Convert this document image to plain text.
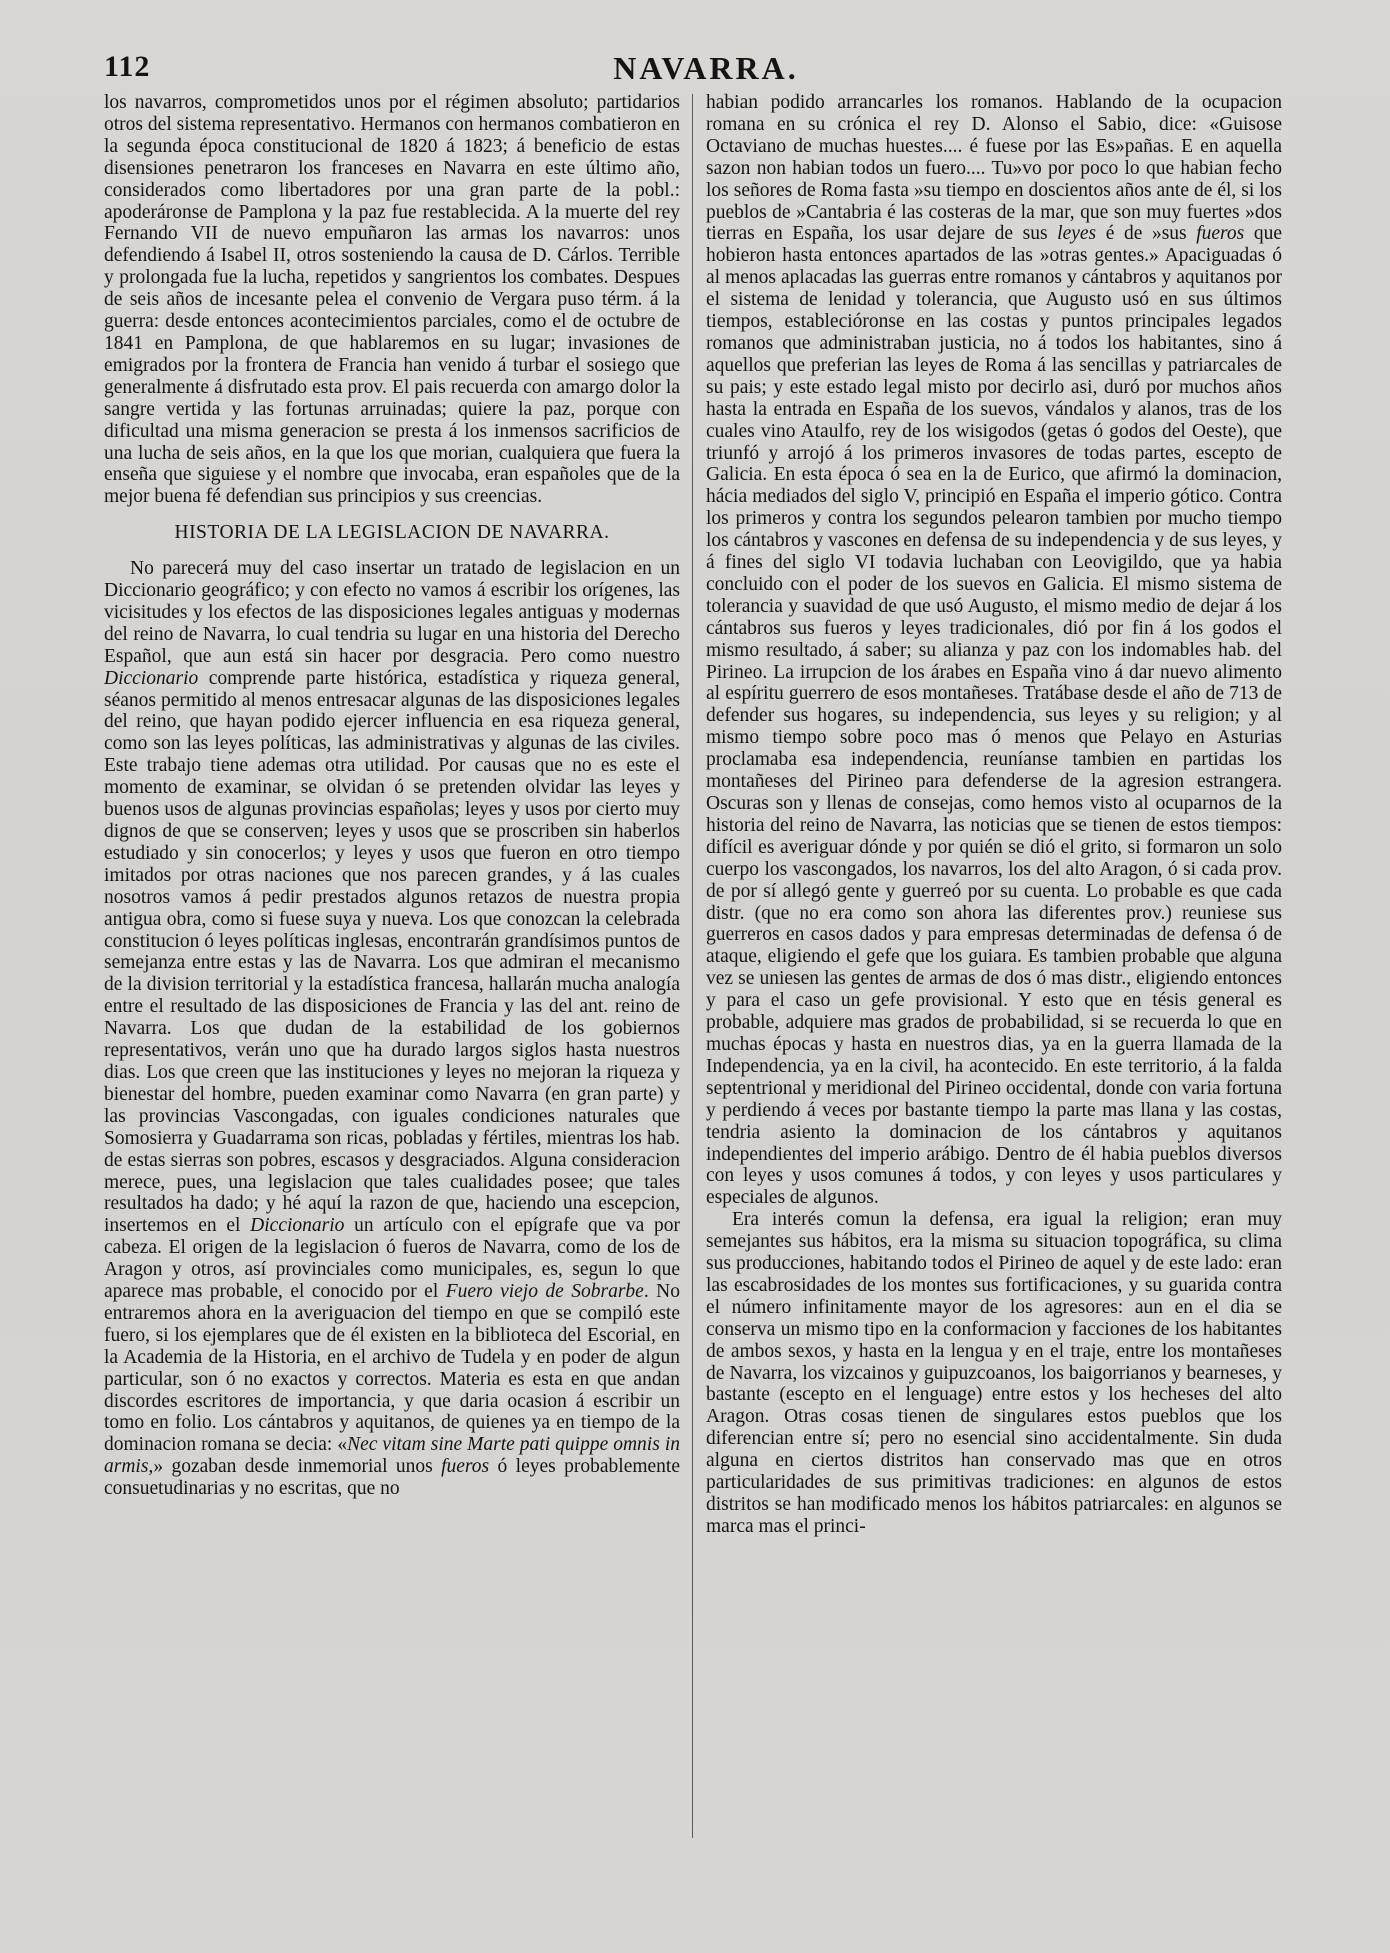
112	NAVARRA.

los navarros, comprometidos unos por el régimen absoluto; partidarios otros del sistema representativo. Hermanos con hermanos combatieron en la segunda época constitucional de 1820 á 1823; á beneficio de estas disensiones penetraron los franceses en Navarra en este último año, considerados como libertadores por una gran parte de la pobl.: apoderáronse de Pamplona y la paz fue restablecida. A la muerte del rey Fernando VII de nuevo empuñaron las armas los navarros: unos defendiendo á Isabel II, otros sosteniendo la causa de D. Cárlos. Terrible y prolongada fue la lucha, repetidos y sangrientos los combates. Despues de seis años de incesante pelea el convenio de Vergara puso térm. á la guerra: desde entonces acontecimientos parciales, como el de octubre de 1841 en Pamplona, de que hablaremos en su lugar; invasiones de emigrados por la frontera de Francia han venido á turbar el sosiego que generalmente á disfrutado esta prov. El pais recuerda con amargo dolor la sangre vertida y las fortunas arruinadas; quiere la paz, porque con dificultad una misma generacion se presta á los inmensos sacrificios de una lucha de seis años, en la que los que morian, cualquiera que fuera la enseña que siguiese y el nombre que invocaba, eran españoles que de la mejor buena fé defendian sus principios y sus creencias.

HISTORIA DE LA LEGISLACION DE NAVARRA.

No parecerá muy del caso insertar un tratado de legislacion en un Diccionario geográfico; y con efecto no vamos á escribir los orígenes, las vicisitudes y los efectos de las disposiciones legales antiguas y modernas del reino de Navarra, lo cual tendria su lugar en una historia del Derecho Español, que aun está sin hacer por desgracia. Pero como nuestro Diccionario comprende parte histórica, estadística y riqueza general, séanos permitido al menos entresacar algunas de las disposiciones legales del reino, que hayan podido ejercer influencia en esa riqueza general, como son las leyes políticas, las administrativas y algunas de las civiles. Este trabajo tiene ademas otra utilidad. Por causas que no es este el momento de examinar, se olvidan ó se pretenden olvidar las leyes y buenos usos de algunas provincias españolas; leyes y usos por cierto muy dignos de que se conserven; leyes y usos que se proscriben sin haberlos estudiado y sin conocerlos; y leyes y usos que fueron en otro tiempo imitados por otras naciones que nos parecen grandes, y á las cuales nosotros vamos á pedir prestados algunos retazos de nuestra propia antigua obra, como si fuese suya y nueva. Los que conozcan la celebrada constitucion ó leyes políticas inglesas, encontrarán grandísimos puntos de semejanza entre estas y las de Navarra. Los que admiran el mecanismo de la division territorial y la estadística francesa, hallarán mucha analogía entre el resultado de las disposiciones de Francia y las del ant. reino de Navarra. Los que dudan de la estabilidad de los gobiernos representativos, verán uno que ha durado largos siglos hasta nuestros dias. Los que creen que las instituciones y leyes no mejoran la riqueza y bienestar del hombre, pueden examinar como Navarra (en gran parte) y las provincias Vascongadas, con iguales condiciones naturales que Somosierra y Guadarrama son ricas, pobladas y fértiles, mientras los hab. de estas sierras son pobres, escasos y desgraciados. Alguna consideracion merece, pues, una legislacion que tales cualidades posee; que tales resultados ha dado; y hé aquí la razon de que, haciendo una escepcion, insertemos en el Diccionario un artículo con el epígrafe que va por cabeza. El origen de la legislacion ó fueros de Navarra, como de los de Aragon y otros, así provinciales como municipales, es, segun lo que aparece mas probable, el conocido por el Fuero viejo de Sobrarbe. No entraremos ahora en la averiguacion del tiempo en que se compiló este fuero, si los ejemplares que de él existen en la biblioteca del Escorial, en la Academia de la Historia, en el archivo de Tudela y en poder de algun particular, son ó no exactos y correctos. Materia es esta en que andan discordes escritores de importancia, y que daria ocasion á escribir un tomo en folio. Los cántabros y aquitanos, de quienes ya en tiempo de la dominacion romana se decia: «Nec vitam sine Marte pati quippe omnis in armis,» gozaban desde inmemorial unos fueros ó leyes probablemente consuetudinarias y no escritas, que no

habian podido arrancarles los romanos. Hablando de la ocupacion romana en su crónica el rey D. Alonso el Sabio, dice: «Guisose Octaviano de muchas huestes.... é fuese por las Es»pañas. E en aquella sazon non habian todos un fuero.... Tu»vo por poco lo que habian fecho los señores de Roma fasta »su tiempo en doscientos años ante de él, si los pueblos de »Cantabria é las costeras de la mar, que son muy fuertes »dos tierras en España, los usar dejare de sus leyes é de »sus fueros que hobieron hasta entonces apartados de las »otras gentes.» Apaciguadas ó al menos aplacadas las guerras entre romanos y cántabros y aquitanos por el sistema de lenidad y tolerancia, que Augusto usó en sus últimos tiempos, establecióronse en las costas y puntos principales legados romanos que administraban justicia, no á todos los habitantes, sino á aquellos que preferian las leyes de Roma á las sencillas y patriarcales de su pais; y este estado legal misto por decirlo asi, duró por muchos años hasta la entrada en España de los suevos, vándalos y alanos, tras de los cuales vino Ataulfo, rey de los wisigodos (getas ó godos del Oeste), que triunfó y arrojó á los primeros invasores de todas partes, escepto de Galicia. En esta época ó sea en la de Eurico, que afirmó la dominacion, hácia mediados del siglo V, principió en España el imperio gótico. Contra los primeros y contra los segundos pelearon tambien por mucho tiempo los cántabros y vascones en defensa de su independencia y de sus leyes, y á fines del siglo VI todavia luchaban con Leovigildo, que ya habia concluido con el poder de los suevos en Galicia. El mismo sistema de tolerancia y suavidad de que usó Augusto, el mismo medio de dejar á los cántabros sus fueros y leyes tradicionales, dió por fin á los godos el mismo resultado, á saber; su alianza y paz con los indomables hab. del Pirineo. La irrupcion de los árabes en España vino á dar nuevo alimento al espíritu guerrero de esos montañeses. Tratábase desde el año de 713 de defender sus hogares, su independencia, sus leyes y su religion; y al mismo tiempo sobre poco mas ó menos que Pelayo en Asturias proclamaba esa independencia, reuníanse tambien en partidas los montañeses del Pirineo para defenderse de la agresion estrangera. Oscuras son y llenas de consejas, como hemos visto al ocuparnos de la historia del reino de Navarra, las noticias que se tienen de estos tiempos: difícil es averiguar dónde y por quién se dió el grito, si formaron un solo cuerpo los vascongados, los navarros, los del alto Aragon, ó si cada prov. de por sí allegó gente y guerreó por su cuenta. Lo probable es que cada distr. (que no era como son ahora las diferentes prov.) reuniese sus guerreros en casos dados y para empresas determinadas de defensa ó de ataque, eligiendo el gefe que los guiara. Es tambien probable que alguna vez se uniesen las gentes de armas de dos ó mas distr., eligiendo entonces y para el caso un gefe provisional. Y esto que en tésis general es probable, adquiere mas grados de probabilidad, si se recuerda lo que en muchas épocas y hasta en nuestros dias, ya en la guerra llamada de la Independencia, ya en la civil, ha acontecido. En este territorio, á la falda septentrional y meridional del Pirineo occidental, donde con varia fortuna y perdiendo á veces por bastante tiempo la parte mas llana y las costas, tendria asiento la dominacion de los cántabros y aquitanos independientes del imperio arábigo. Dentro de él habia pueblos diversos con leyes y usos comunes á todos, y con leyes y usos particulares y especiales de algunos.

Era interés comun la defensa, era igual la religion; eran muy semejantes sus hábitos, era la misma su situacion topográfica, su clima sus producciones, habitando todos el Pirineo de aquel y de este lado: eran las escabrosidades de los montes sus fortificaciones, y su guarida contra el número infinitamente mayor de los agresores: aun en el dia se conserva un mismo tipo en la conformacion y facciones de los habitantes de ambos sexos, y hasta en la lengua y en el traje, entre los montañeses de Navarra, los vizcainos y guipuzcoanos, los baigorrianos y bearneses, y bastante (escepto en el lenguage) entre estos y los hecheses del alto Aragon. Otras cosas tienen de singulares estos pueblos que los diferencian entre sí; pero no esencial sino accidentalmente. Sin duda alguna en ciertos distritos han conservado mas que en otros particularidades de sus primitivas tradiciones: en algunos de estos distritos se han modificado menos los hábitos patriarcales: en algunos se marca mas el princi-
